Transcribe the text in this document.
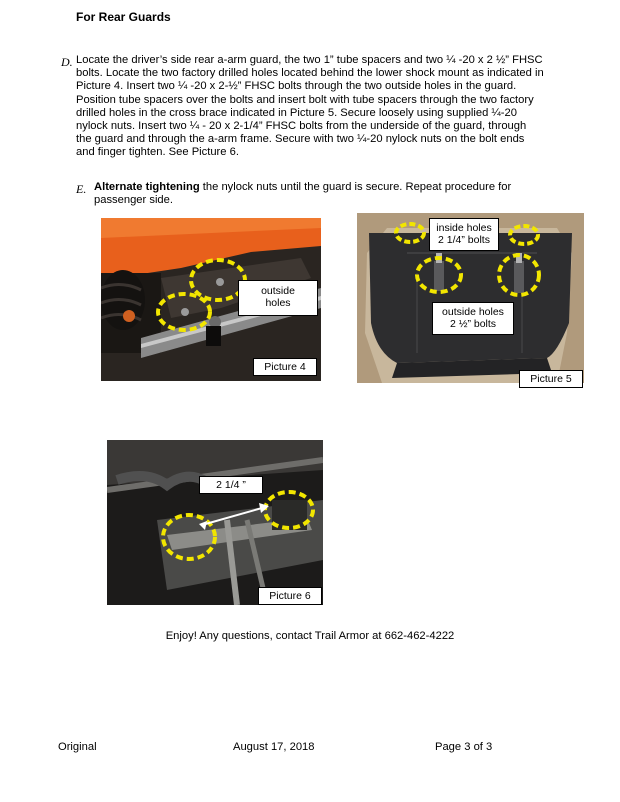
For Rear Guards
D. Locate the driver’s side rear a-arm guard, the two 1” tube spacers and two ¼ -20 x 2 ½” FHSC bolts. Locate the two factory drilled holes located behind the lower shock mount as indicated in Picture 4. Insert two ¼ -20 x 2-½” FHSC bolts through the two outside holes in the guard. Position tube spacers over the bolts and insert bolt with tube spacers through the two factory drilled holes in the cross brace indicated in Picture 5. Secure loosely using supplied ¼-20 nylock nuts. Insert two ¼ - 20 x 2-1/4” FHSC bolts from the underside of the guard, through the guard and through the a-arm frame. Secure with two ¼-20 nylock nuts on the bolt ends and finger tighten. See Picture 6.
E. Alternate tightening the nylock nuts until the guard is secure. Repeat procedure for passenger side.
outside
holes
Picture 4
inside holes
2 1/4” bolts
outside holes
2 ½” bolts
Picture 5
2 1/4 ”
Picture 6
Enjoy! Any questions, contact Trail Armor at 662-462-4222
Original	August 17, 2018	Page 3 of 3
